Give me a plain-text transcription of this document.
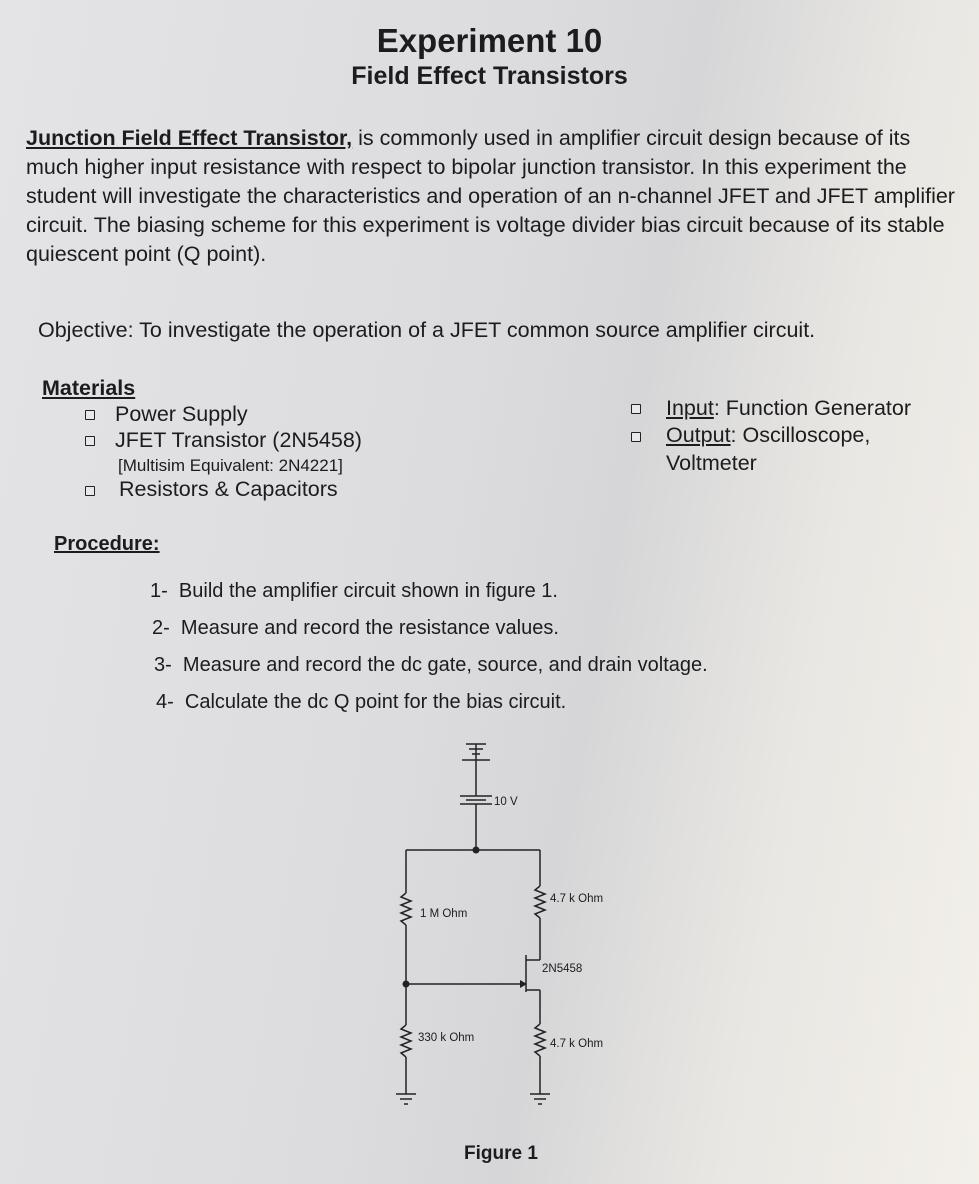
Experiment 10
Field Effect Transistors
Junction Field Effect Transistor, is commonly used in amplifier circuit design because of its much higher input resistance with respect to bipolar junction transistor. In this experiment the student will investigate the characteristics and operation of an n-channel JFET and JFET amplifier circuit. The biasing scheme for this experiment is voltage divider bias circuit because of its stable quiescent point (Q point).
Objective: To investigate the operation of a JFET common source amplifier circuit.
Materials
Power Supply
JFET Transistor (2N5458)
[Multisim Equivalent: 2N4221]
Resistors & Capacitors
Input: Function Generator
Output: Oscilloscope,
Voltmeter
Procedure:
1- Build the amplifier circuit shown in figure 1.
2- Measure and record the resistance values.
3- Measure and record the dc gate, source, and drain voltage.
4- Calculate the dc Q point for the bias circuit.
10 V
1 M Ohm
4.7 k Ohm
2N5458
330 k Ohm	4.7 k Ohm
Figure 1
